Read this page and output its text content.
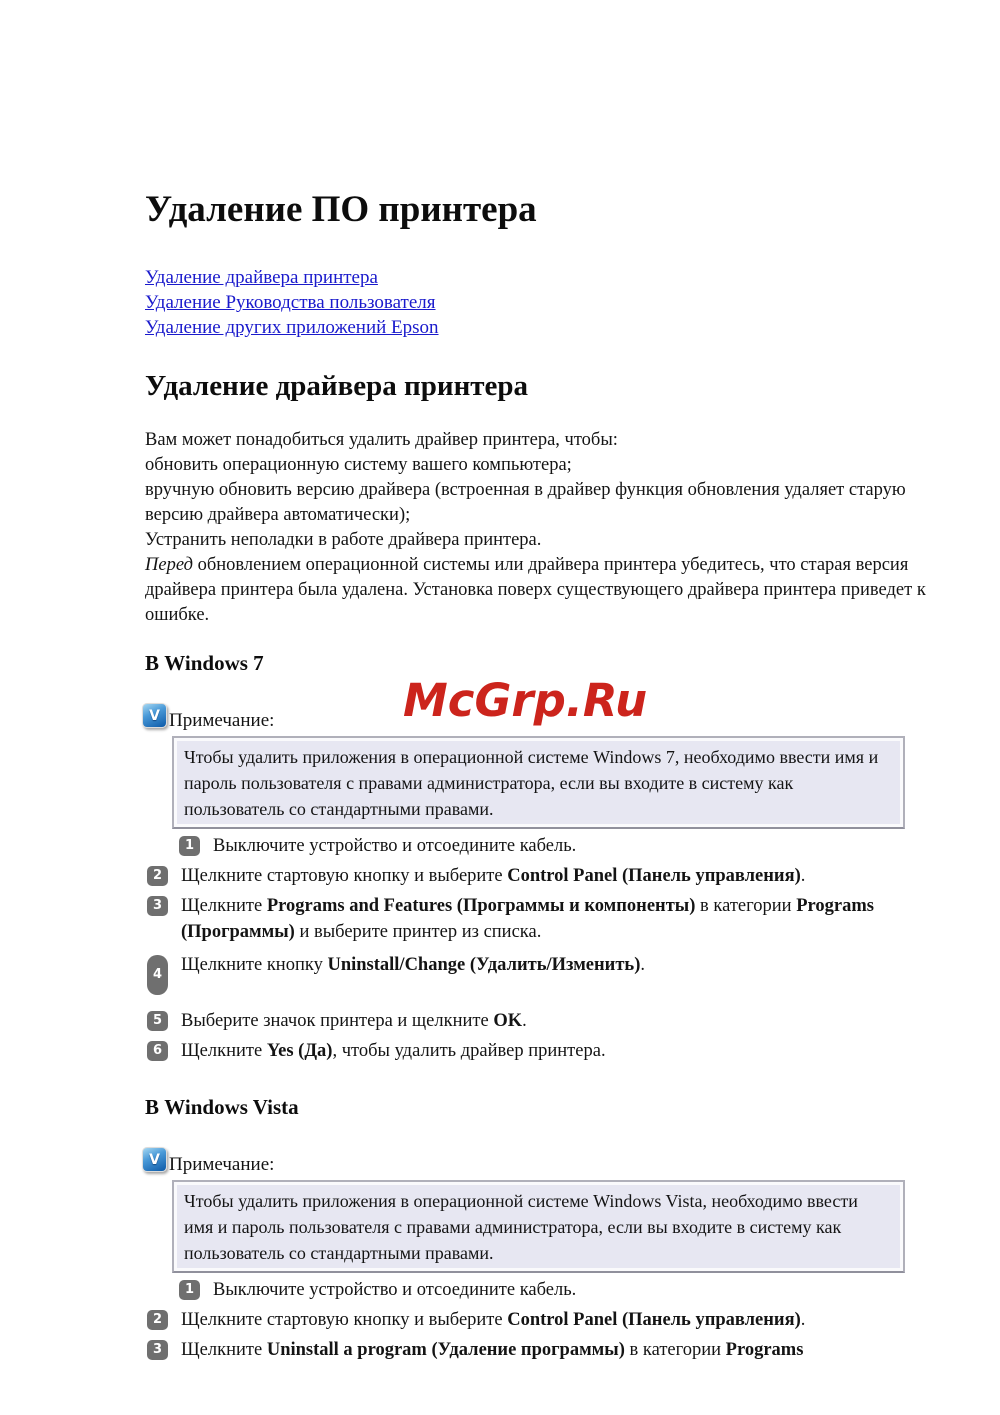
McGrp.Ru
Удаление ПО принтера
Удаление драйвера принтера
Удаление Руководства пользователя
Удаление других приложений Epson
Удаление драйвера принтера
Вам может понадобиться удалить драйвер принтера, чтобы:
обновить операционную систему вашего компьютера;
вручную обновить версию драйвера (встроенная в драйвер функция обновления удаляет старую версию драйвера автоматически);
Устранить неполадки в работе драйвера принтера.
Перед обновлением операционной системы или драйвера принтера убедитесь, что старая версия драйвера принтера была удалена. Установка поверх существующего драйвера принтера приведет к ошибке.
В Windows 7
V Примечание:
Чтобы удалить приложения в операционной системе Windows 7, необходимо ввести имя и пароль пользователя с правами администратора, если вы входите в систему как пользователь со стандартными правами.
1	Выключите устройство и отсоедините кабель.
2	Щелкните стартовую кнопку и выберите Control Panel (Панель управления).
3	Щелкните Programs and Features (Программы и компоненты) в категории Programs (Программы) и выберите принтер из списка.
4	Щелкните кнопку Uninstall/Change (Удалить/Изменить).
5	Выберите значок принтера и щелкните OK.
6	Щелкните Yes (Да), чтобы удалить драйвер принтера.
В Windows Vista
V Примечание:
Чтобы удалить приложения в операционной системе Windows Vista, необходимо ввести имя и пароль пользователя с правами администратора, если вы входите в систему как пользователь со стандартными правами.
1	Выключите устройство и отсоедините кабель.
2	Щелкните стартовую кнопку и выберите Control Panel (Панель управления).
3	Щелкните Uninstall a program (Удаление программы) в категории Programs
